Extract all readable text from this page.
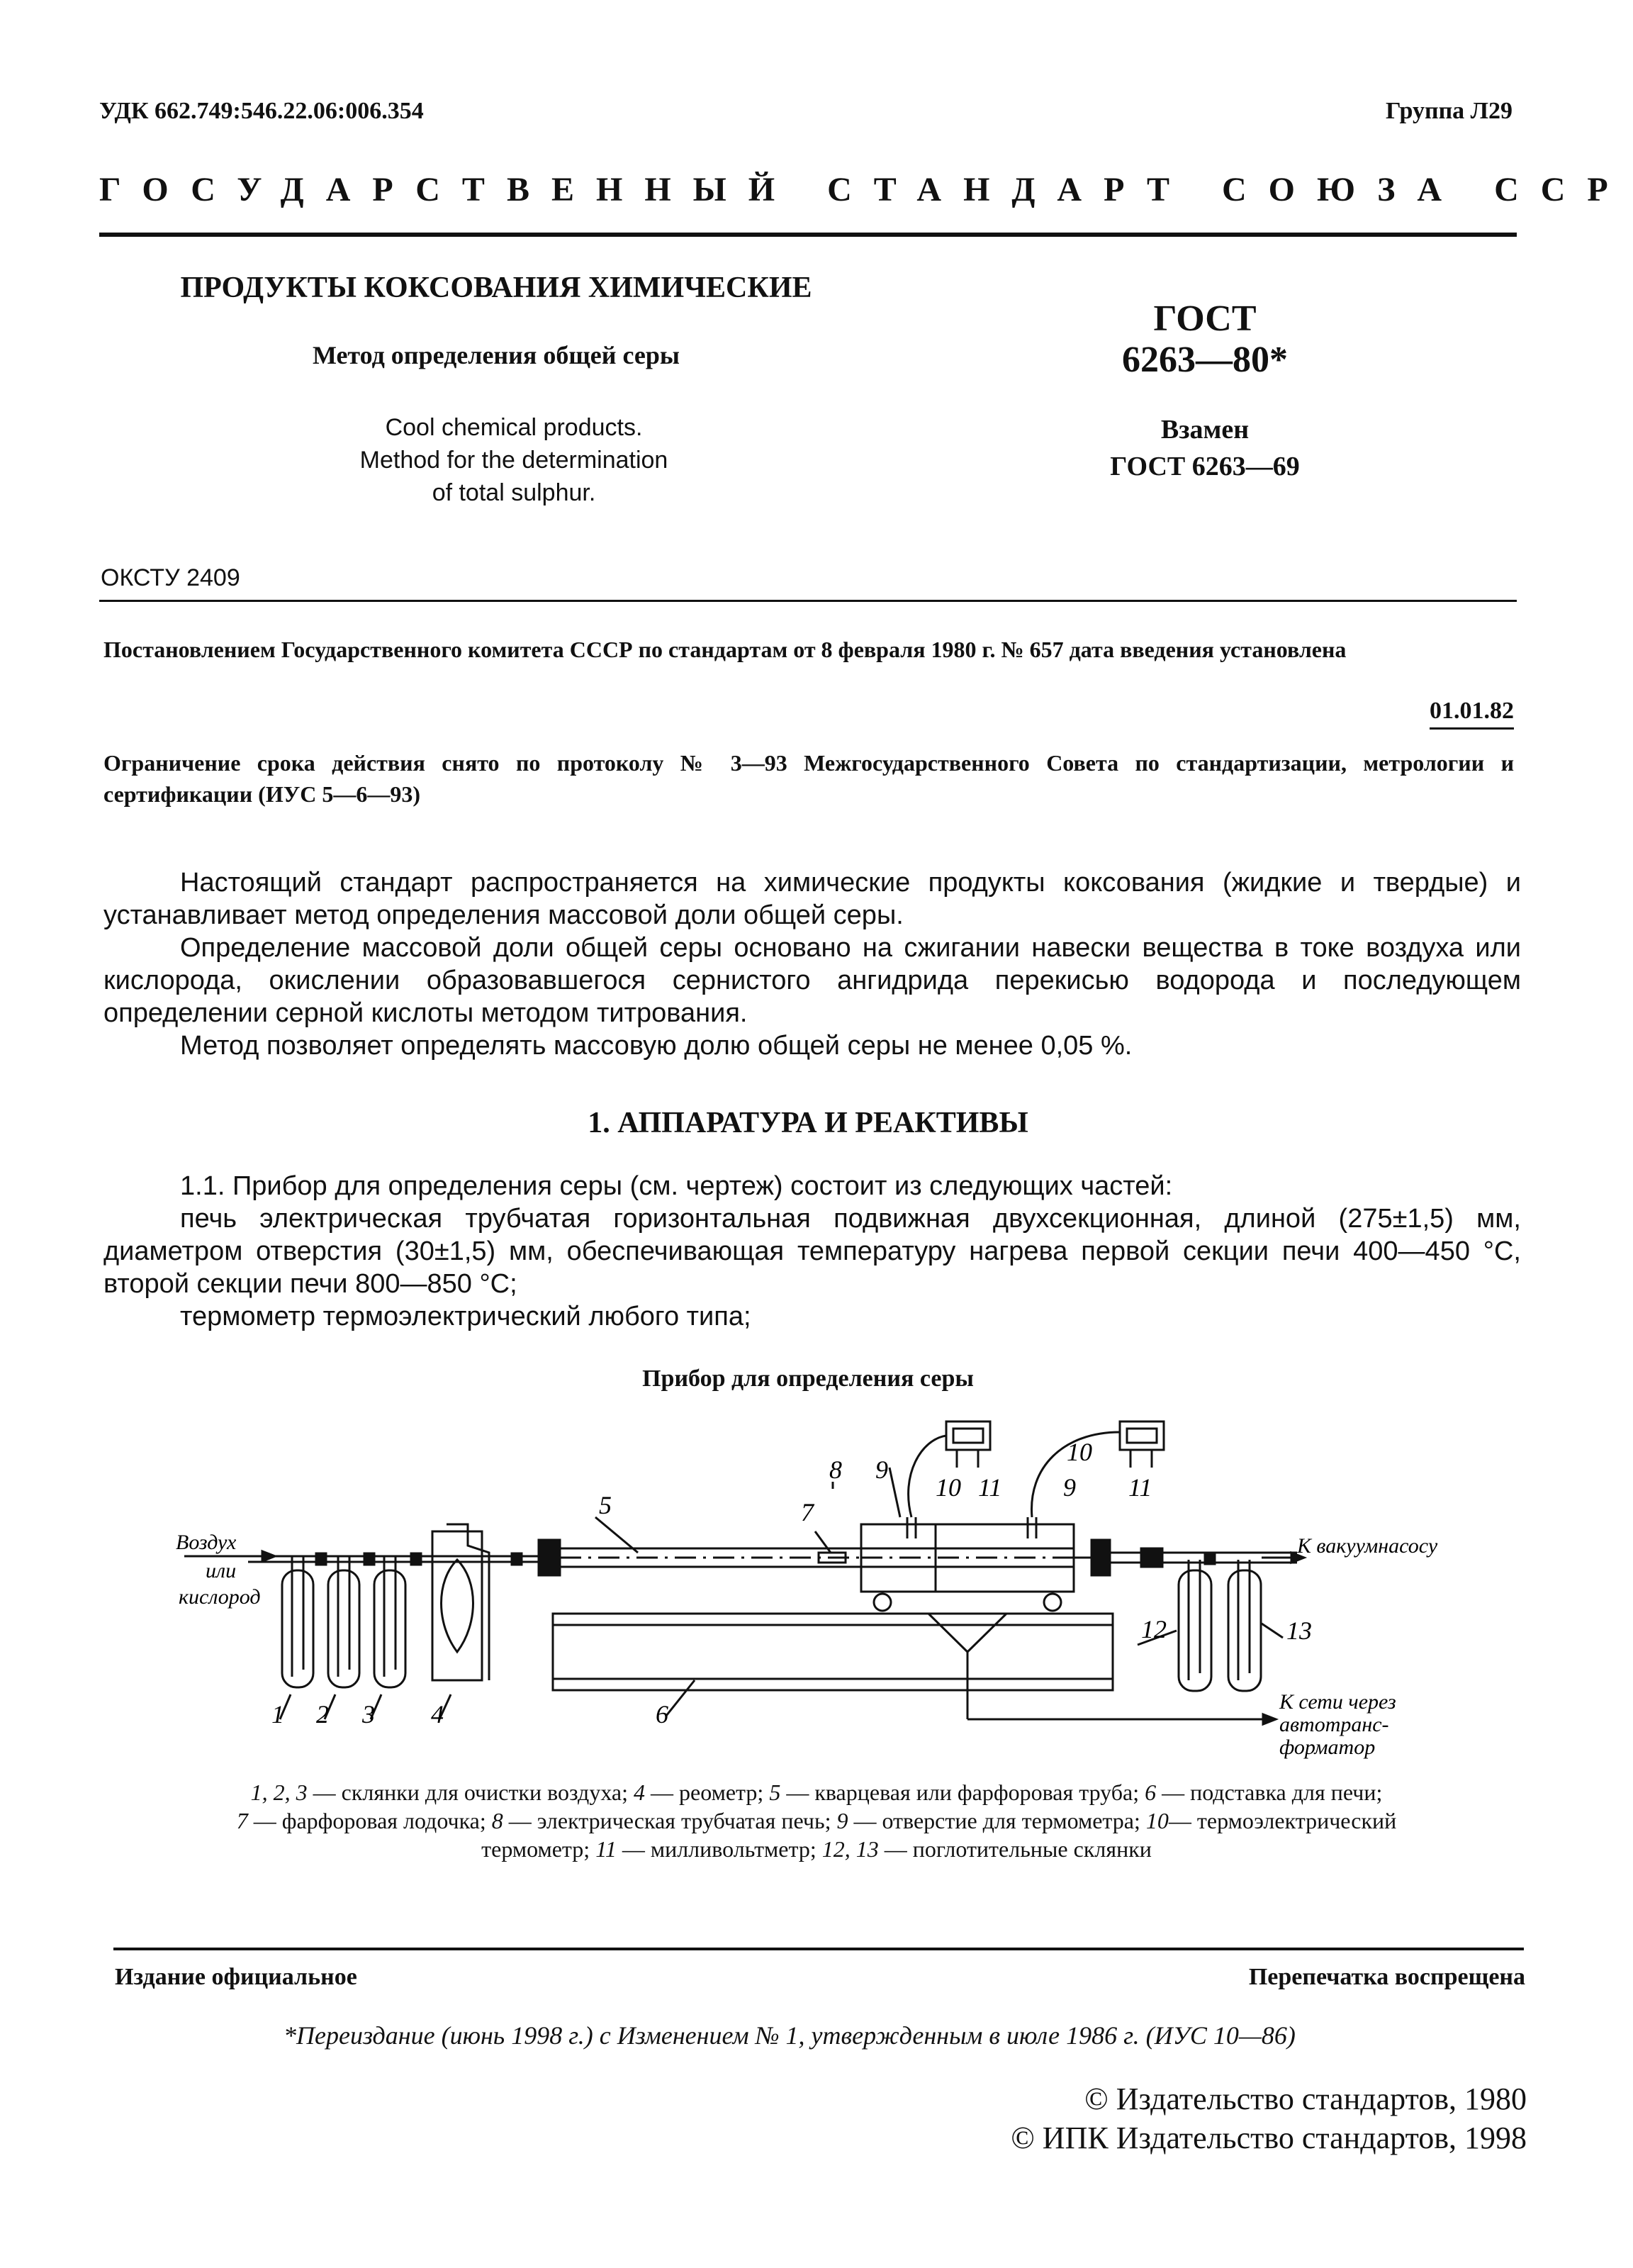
УДК 662.749:546.22.06:006.354	Группа Л29
ГОСУДАРСТВЕННЫЙ СТАНДАРТ СОЮЗА ССР
ПРОДУКТЫ КОКСОВАНИЯ ХИМИЧЕСКИЕ
Метод определения общей серы
Cool chemical products.
Method for the determination
of total sulphur.
ГОСТ
6263—80*
Взамен
ГОСТ 6263—69
ОКСТУ 2409
Постановлением Государственного комитета СССР по стандартам от 8 февраля 1980 г. № 657 дата введения установлена
01.01.82
Ограничение срока действия снято по протоколу № 3—93 Межгосударственного Совета по стандартизации, метрологии и сертификации (ИУС 5—6—93)

Настоящий стандарт распространяется на химические продукты коксования (жидкие и твердые) и устанавливает метод определения массовой доли общей серы.

Определение массовой доли общей серы основано на сжигании навески вещества в токе воздуха или кислорода, окислении образовавшегося сернистого ангидрида перекисью водорода и последующем определении серной кислоты методом титрования.

Метод позволяет определять массовую долю общей серы не менее 0,05 %.

1. АППАРАТУРА И РЕАКТИВЫ

1.1. Прибор для определения серы (см. чертеж) состоит из следующих частей:

печь электрическая трубчатая горизонтальная подвижная двухсекционная, длиной (275±1,5) мм, диаметром отверстия (30±1,5) мм, обеспечивающая температуру нагрева первой секции печи 400—450 °С, второй секции печи 800—850 °С;

термометр термоэлектрический любого типа;

Прибор для определения серы
Воздух
или
кислород
К вакуумнасосу
К сети через
автотранс-
форматор
1 2 3 4
5
6
7
8 9
9
10
10
11	11
12	13
1, 2, 3 — склянки для очистки воздуха; 4 — реометр; 5 — кварцевая или фарфоровая труба; 6 — подставка для печи;
7 — фарфоровая лодочка; 8 — электрическая трубчатая печь; 9 — отверстие для термометра; 10— термоэлектрический
термометр; 11 — милливольтметр; 12, 13 — поглотительные склянки
Издание официальное	Перепечатка воспрещена
*Переиздание (июнь 1998 г.) с Изменением № 1, утвержденным в июле 1986 г. (ИУС 10—86)
© Издательство стандартов, 1980
© ИПК Издательство стандартов, 1998
